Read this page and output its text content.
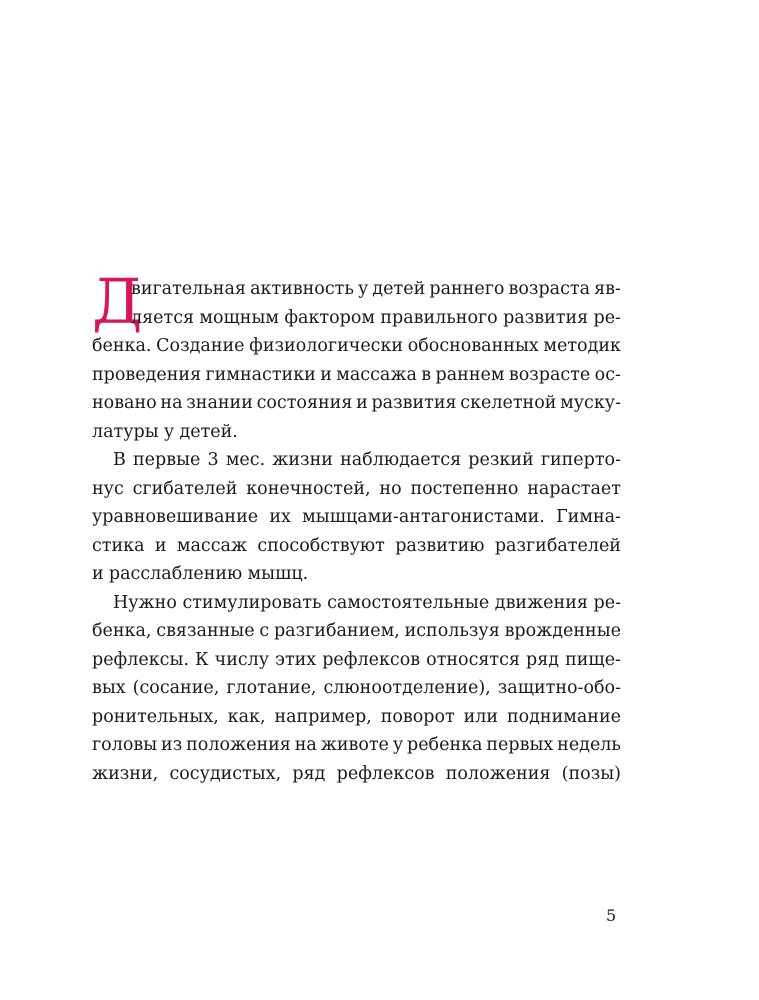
Д
вигательная активность у детей раннего возраста яв-
ляется мощным фактором правильного развития ре-
бенка. Создание физиологически обоснованных методик
проведения гимнастики и массажа в раннем возрасте ос-
новано на знании состояния и развития скелетной муску-
латуры у детей.
В первые 3 мес. жизни наблюдается резкий гиперто-
нус сгибателей конечностей, но постепенно нарастает
уравновешивание их мышцами-антагонистами. Гимна-
стика и массаж способствуют развитию разгибателей
и расслаблению мышц.
Нужно стимулировать самостоятельные движения ре-
бенка, связанные с разгибанием, используя врожденные
рефлексы. К числу этих рефлексов относятся ряд пище-
вых (сосание, глотание, слюноотделение), защитно-обо-
ронительных, как, например, поворот или поднимание
головы из положения на животе у ребенка первых недель
жизни, сосудистых, ряд рефлексов положения (позы)
5
